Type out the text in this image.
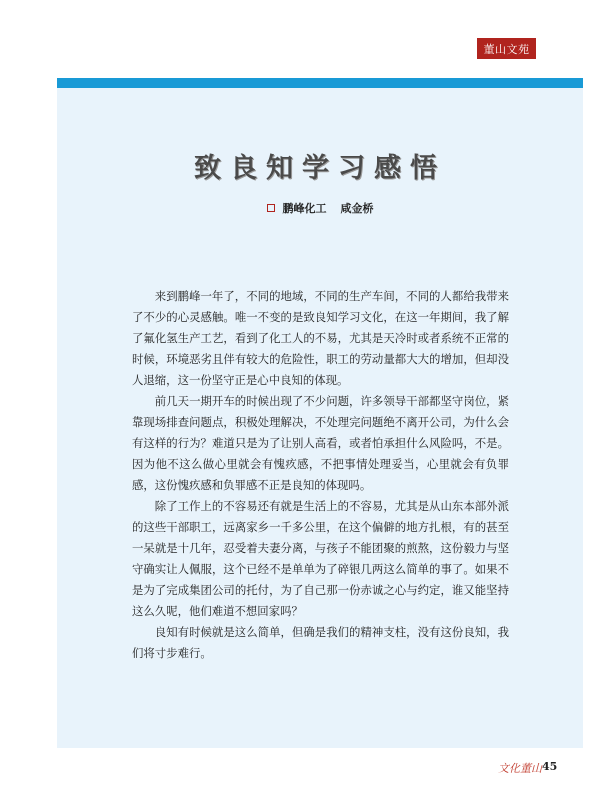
董山文苑
致良知学习感悟
鹏峰化工 咸金桥

来到鹏峰一年了，不同的地域，不同的生产车间，不同的人都给我带来了不少的心灵感触。唯一不变的是致良知学习文化，在这一年期间，我了解了氟化氢生产工艺，看到了化工人的不易，尤其是天冷时或者系统不正常的时候，环境恶劣且伴有较大的危险性，职工的劳动量都大大的增加，但却没人退缩，这一份坚守正是心中良知的体现。

前几天一期开车的时候出现了不少问题，许多领导干部都坚守岗位，紧靠现场排查问题点，积极处理解决，不处理完问题绝不离开公司，为什么会有这样的行为？难道只是为了让别人高看，或者怕承担什么风险吗，不是。因为他不这么做心里就会有愧疚感，不把事情处理妥当，心里就会有负罪感，这份愧疚感和负罪感不正是良知的体现吗。

除了工作上的不容易还有就是生活上的不容易，尤其是从山东本部外派的这些干部职工，远离家乡一千多公里，在这个偏僻的地方扎根，有的甚至一呆就是十几年，忍受着夫妻分离，与孩子不能团聚的煎熬，这份毅力与坚守确实让人佩服，这个已经不是单单为了碎银几两这么简单的事了。如果不是为了完成集团公司的托付，为了自己那一份赤诚之心与约定，谁又能坚持这么久呢，他们难道不想回家吗？

良知有时候就是这么简单，但确是我们的精神支柱，没有这份良知，我们将寸步难行。

文化董山 45
